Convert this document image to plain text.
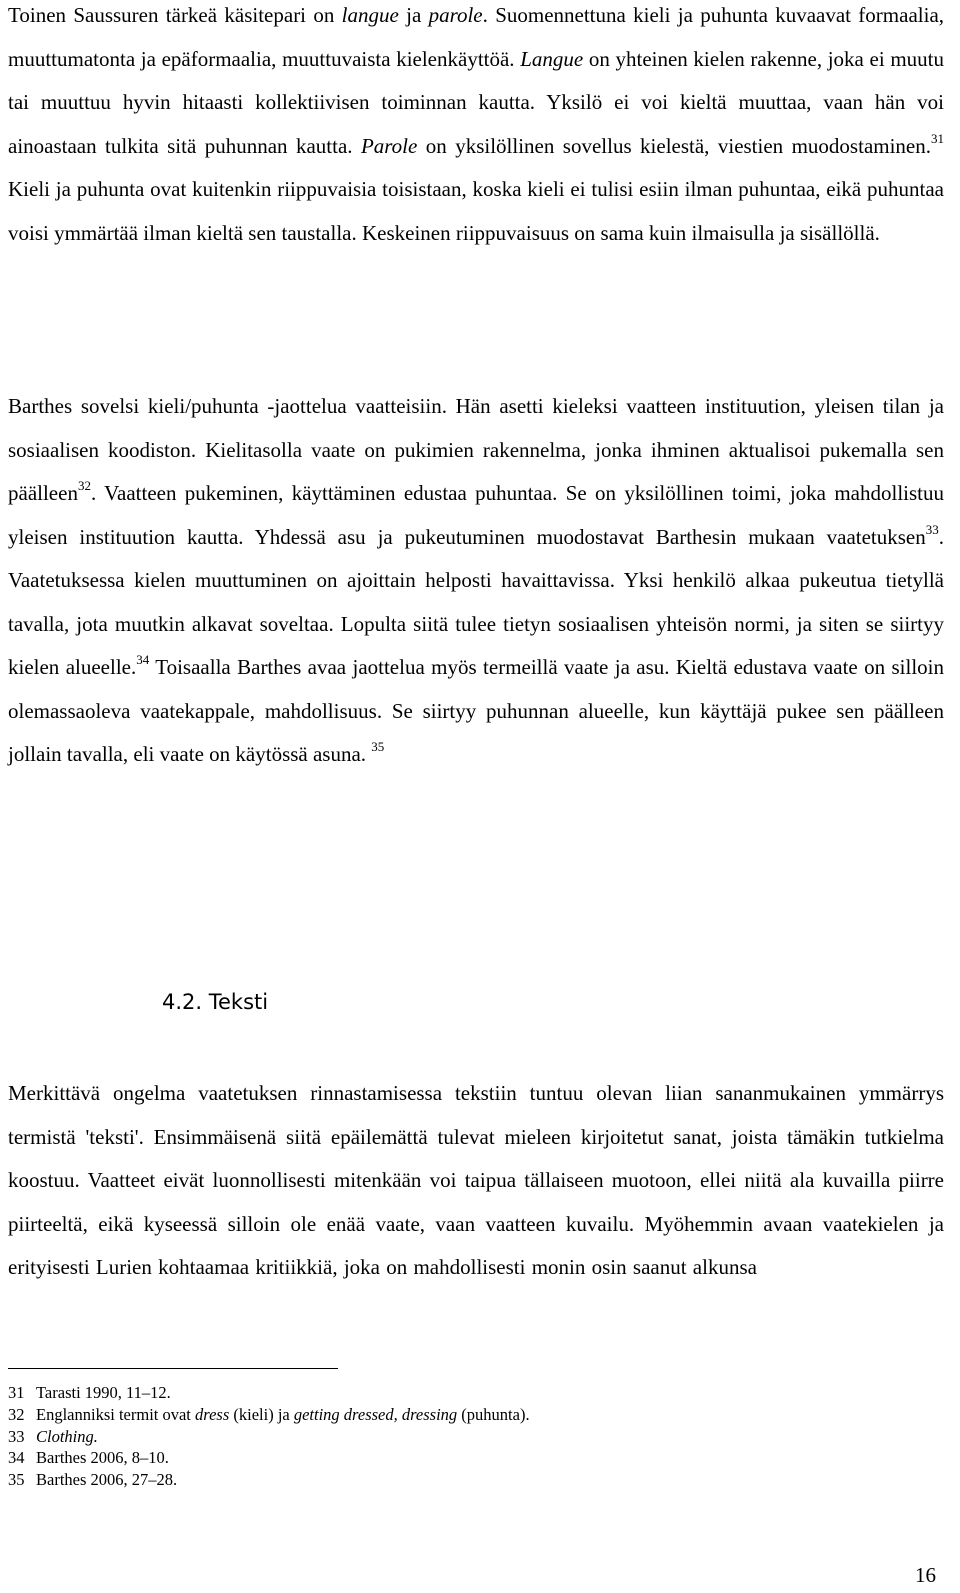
Toinen Saussuren tärkeä käsitepari on langue ja parole. Suomennettuna kieli ja puhunta kuvaavat formaalia, muuttumatonta ja epäformaalia, muuttuvaista kielenkäyttöä. Langue on yhteinen kielen rakenne, joka ei muutu tai muuttuu hyvin hitaasti kollektiivisen toiminnan kautta. Yksilö ei voi kieltä muuttaa, vaan hän voi ainoastaan tulkita sitä puhunnan kautta. Parole on yksilöllinen sovellus kielestä, viestien muodostaminen.$^{31}$ Kieli ja puhunta ovat kuitenkin riippuvaisia toisistaan, koska kieli ei tulisi esiin ilman puhuntaa, eikä puhuntaa voisi ymmärtää ilman kieltä sen taustalla. Keskeinen riippuvaisuus on sama kuin ilmaisulla ja sisällöllä.

Barthes sovelsi kieli/puhunta -jaottelua vaatteisiin. Hän asetti kieleksi vaatteen instituution, yleisen tilan ja sosiaalisen koodiston. Kielitasolla vaate on pukimien rakennelma, jonka ihminen aktualisoi pukemalla sen päälleen$^{32}$. Vaatteen pukeminen, käyttäminen edustaa puhuntaa. Se on yksilöllinen toimi, joka mahdollistuu yleisen instituution kautta. Yhdessä asu ja pukeutuminen muodostavat Barthesin mukaan vaatetuksen$^{33}$. Vaatetuksessa kielen muuttuminen on ajoittain helposti havaittavissa. Yksi henkilö alkaa pukeutua tietyllä tavalla, jota muutkin alkavat soveltaa. Lopulta siitä tulee tietyn sosiaalisen yhteisön normi, ja siten se siirtyy kielen alueelle.$^{34}$ Toisaalla Barthes avaa jaottelua myös termeillä vaate ja asu. Kieltä edustava vaate on silloin olemassaoleva vaatekappale, mahdollisuus. Se siirtyy puhunnan alueelle, kun käyttäjä pukee sen päälleen jollain tavalla, eli vaate on käytössä asuna. $^{35}$

4.2. Teksti

Merkittävä ongelma vaatetuksen rinnastamisessa tekstiin tuntuu olevan liian sananmukainen ymmärrys termistä 'teksti'. Ensimmäisenä siitä epäilemättä tulevat mieleen kirjoitetut sanat, joista tämäkin tutkielma koostuu. Vaatteet eivät luonnollisesti mitenkään voi taipua tällaiseen muotoon, ellei niitä ala kuvailla piirre piirteeltä, eikä kyseessä silloin ole enää vaate, vaan vaatteen kuvailu. Myöhemmin avaan vaatekielen ja erityisesti Lurien kohtaamaa kritiikkiä, joka on mahdollisesti monin osin saanut alkunsa

31 Tarasti 1990, 11–12.
32 Englanniksi termit ovat dress (kieli) ja getting dressed, dressing (puhunta).
33 Clothing.
34 Barthes 2006, 8–10.
35 Barthes 2006, 27–28.
16
